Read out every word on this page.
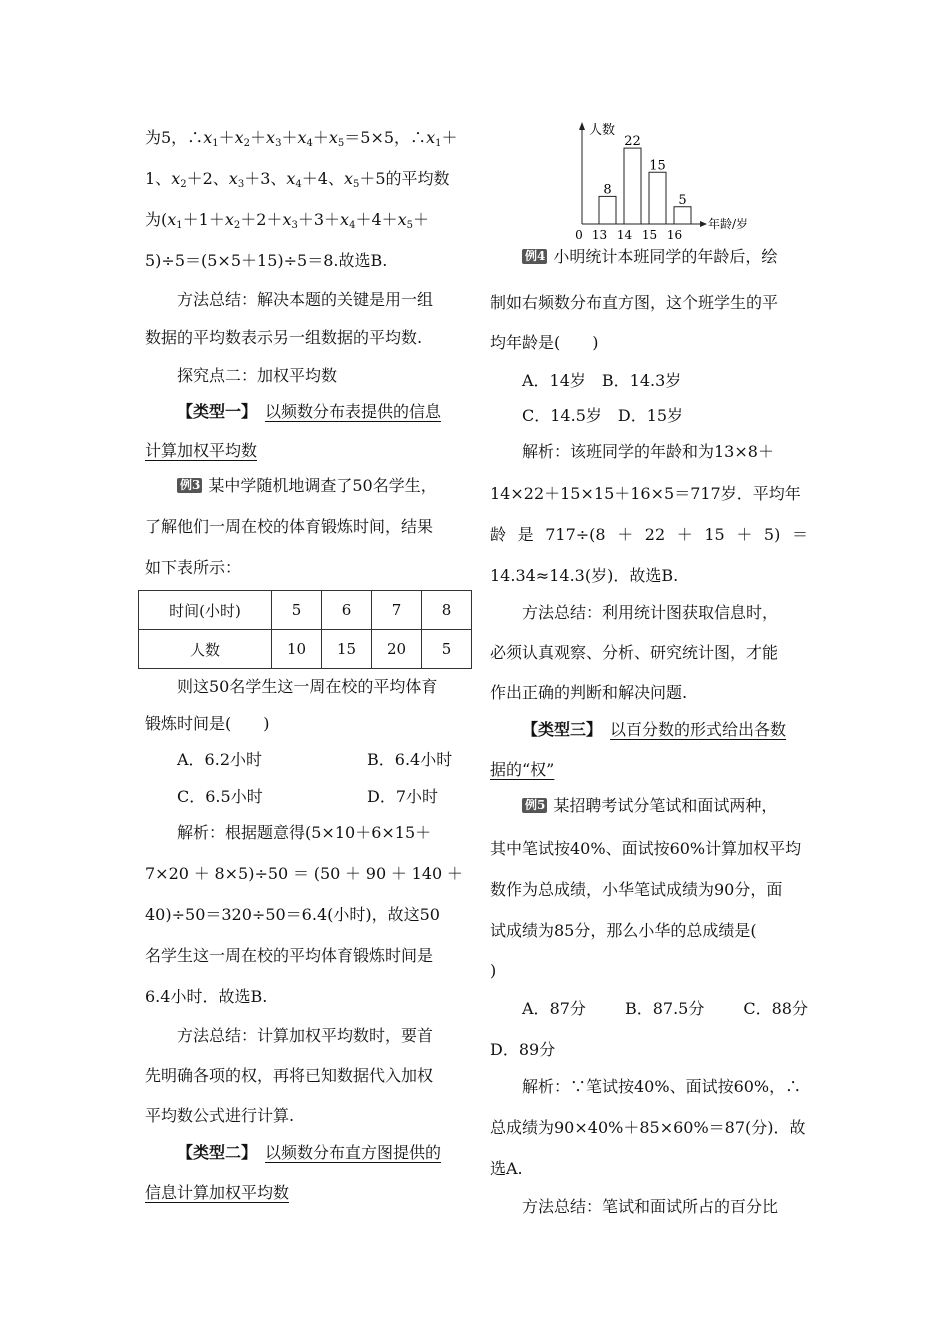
为5，$\therefore x_1+x_2+x_3+x_4+x_5=5\times 5$，$\therefore x_1+$
1、$x_2+2$、$x_3+3$、$x_4+4$、$x_5+5$的平均数
为($x_1+1+x_2+2+x_3+3+x_4+4+x_5+$
5)÷5＝(5×5＋15)÷5＝8.故选B.
方法总结：解决本题的关键是用一组
数据的平均数表示另一组数据的平均数.
探究点二：加权平均数
【类型一】　 以频数分布表提供的信息
计算加权平均数
例3 某中学随机地调查了50名学生，
了解他们一周在校的体育锻炼时间，结果
如下表所示：
则这50名学生这一周在校的平均体育
锻炼时间是(　　)
A．6.2小时	B．6.4小时
C．6.5小时	D．7小时
解析：根据题意得(5×10＋6×15＋
7×20 ＋ 8×5)÷50 ＝ (50 ＋ 90 ＋ 140 ＋
40)÷50＝320÷50＝6.4(小时)，故这50
名学生这一周在校的平均体育锻炼时间是
6.4小时．故选B.
方法总结：计算加权平均数时，要首
先明确各项的权，再将已知数据代入加权
平均数公式进行计算.
【类型二】　 以频数分布直方图提供的
信息计算加权平均数
时间(小时)	5	6	7	8
人数	10	15	20	5
人数
年龄/岁
0
8
13
22
14
15
15
5
16
例4 小明统计本班同学的年龄后，绘
制如右频数分布直方图，这个班学生的平
均年龄是(　　)
A．14岁　B．14.3岁
C．14.5岁　D．15岁
解析：该班同学的年龄和为13×8＋
14×22＋15×15＋16×5＝717岁．平均年
龄 是 717÷(8 ＋ 22 ＋ 15 ＋ 5) ＝
14.34≈14.3(岁)．故选B.
方法总结：利用统计图获取信息时，
必须认真观察、分析、研究统计图，才能
作出正确的判断和解决问题.
【类型三】　 以百分数的形式给出各数
据的“权”
例5 某招聘考试分笔试和面试两种，
其中笔试按40%、面试按60%计算加权平均
数作为总成绩，小华笔试成绩为90分，面
试成绩为85分，那么小华的总成绩是(
)
A．87分 B．87.5分 C．88分
D．89分
解析：∵笔试按40%、面试按60%，∴
总成绩为90×40%＋85×60%＝87(分)．故
选A.
方法总结：笔试和面试所占的百分比
